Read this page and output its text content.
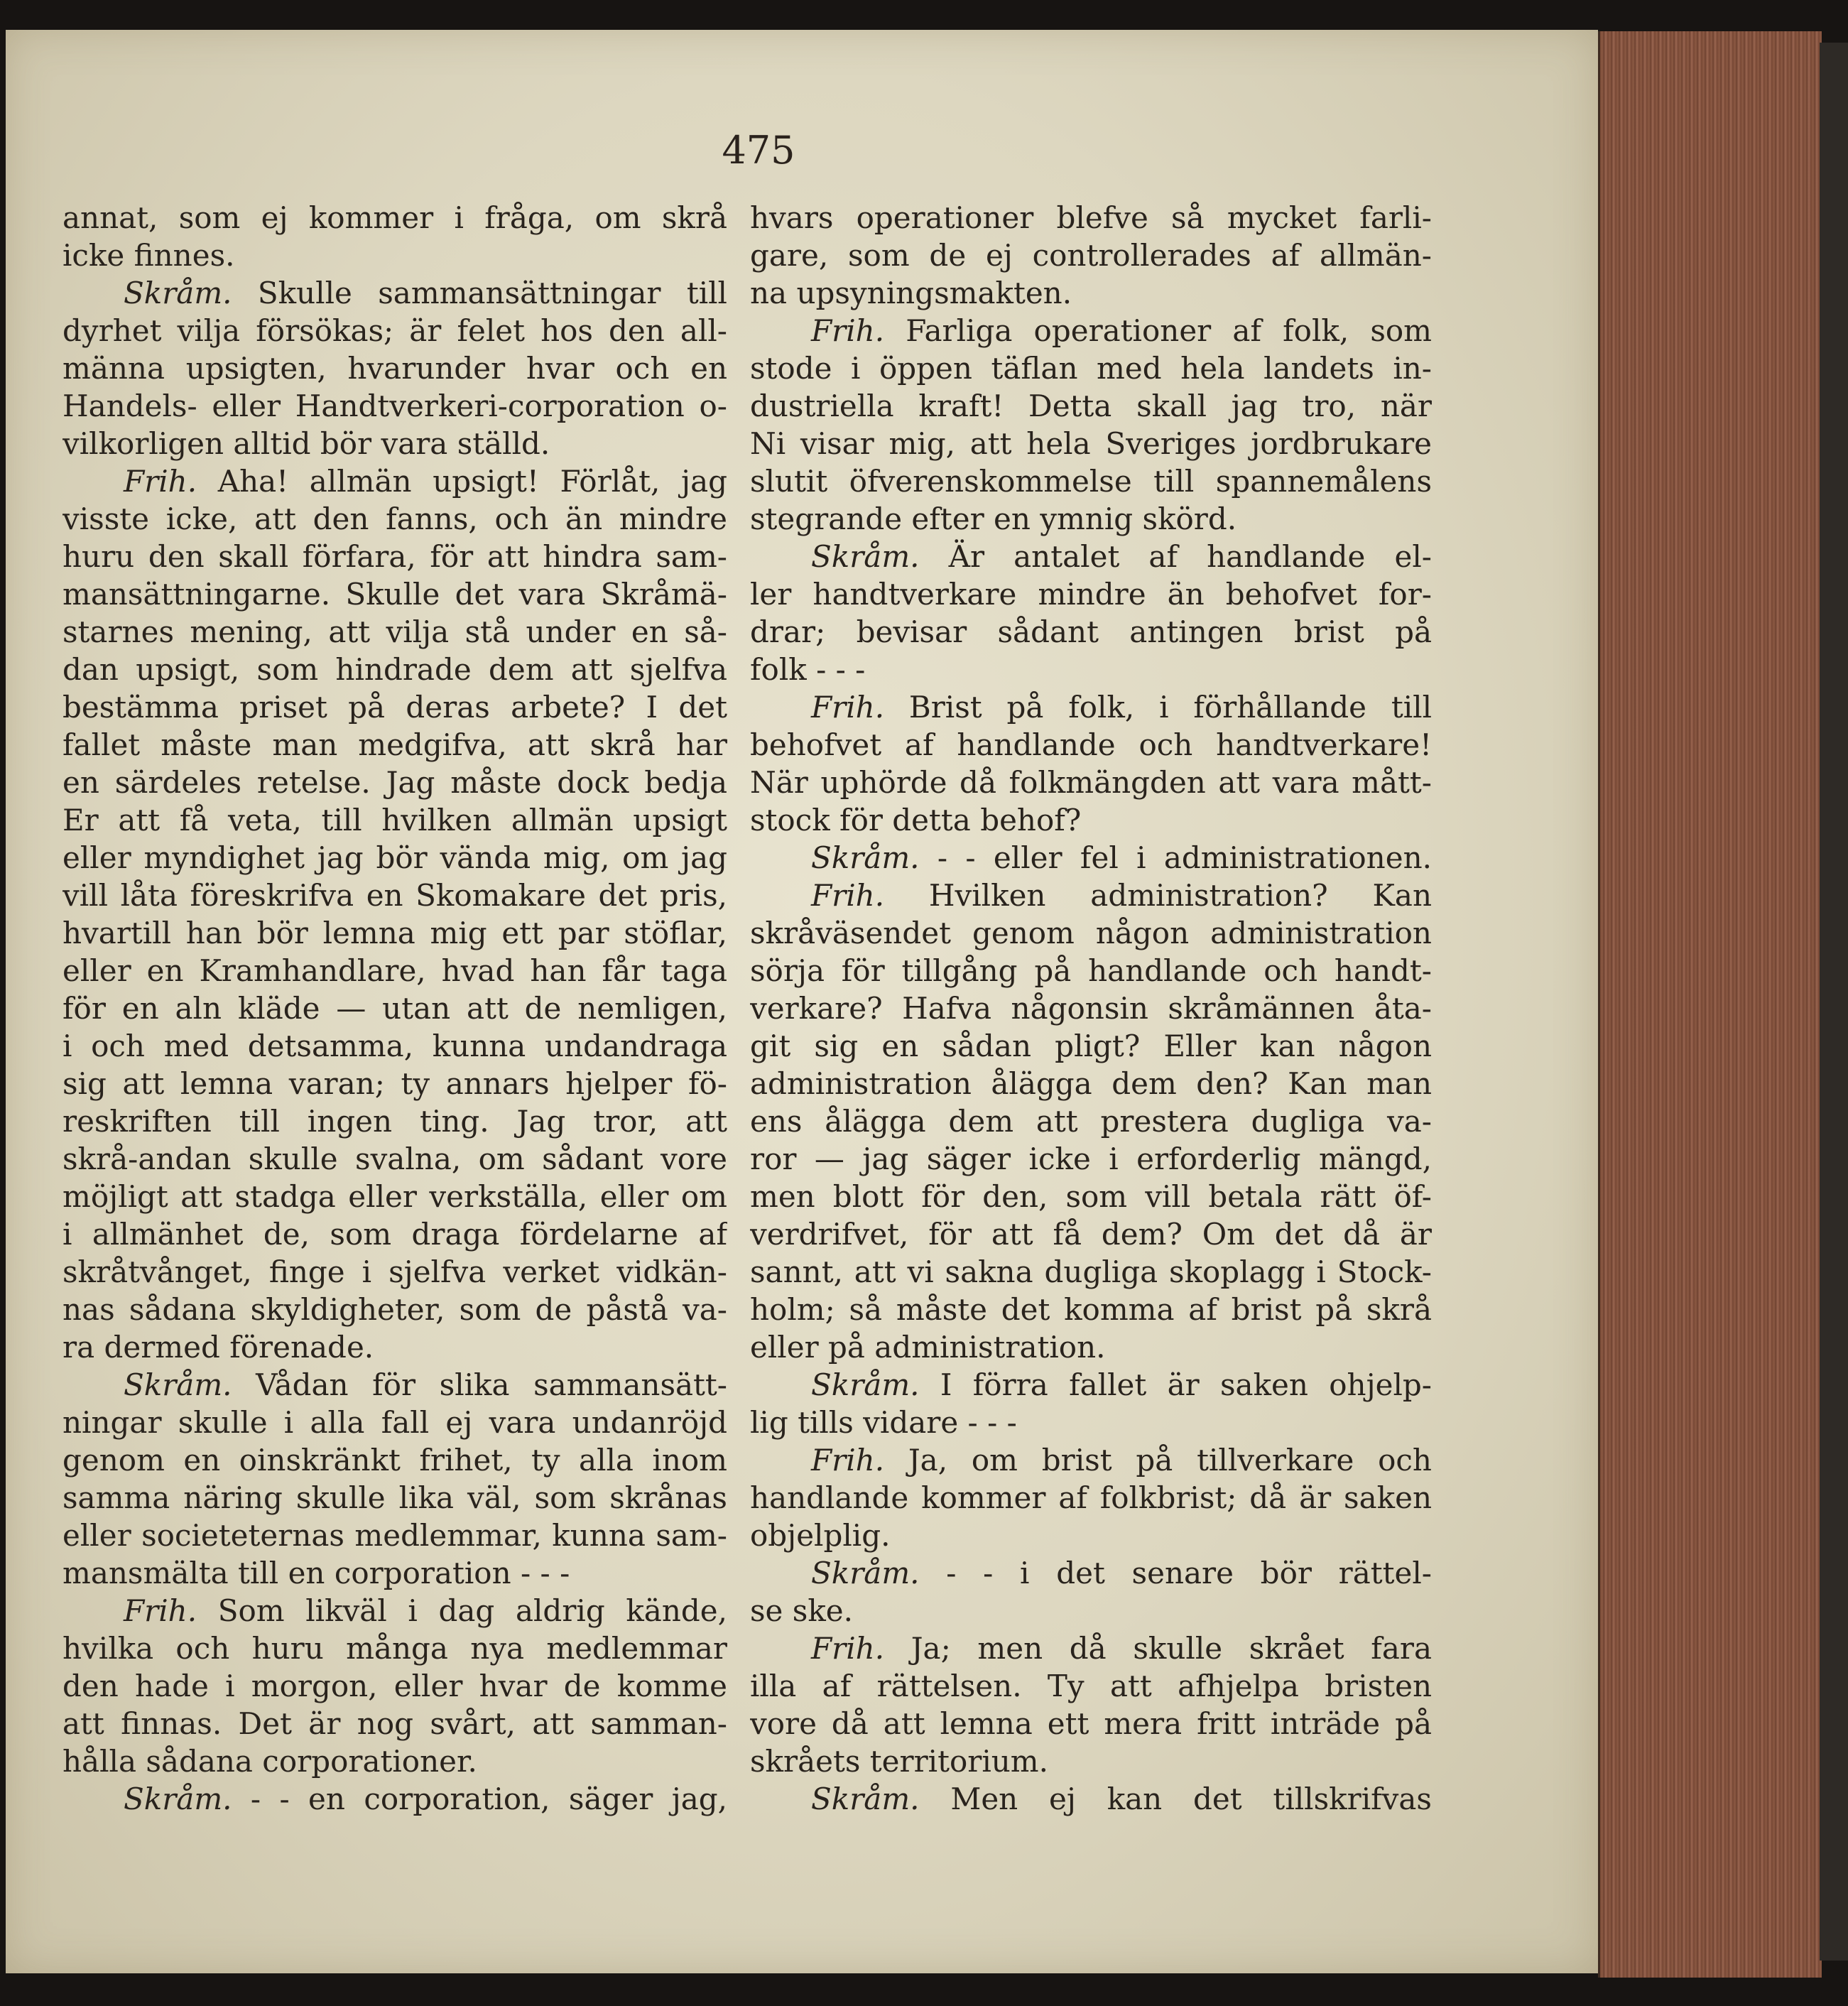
475
annat, som ej kommer i fråga, om skrå
icke finnes.
Skråm. Skulle sammansättningar till
dyrhet vilja försökas; är felet hos den all-
männa upsigten, hvarunder hvar och en
Handels- eller Handtverkeri-corporation o-
vilkorligen alltid bör vara ställd.
Frih. Aha! allmän upsigt! Förlåt, jag
visste icke, att den fanns, och än mindre
huru den skall förfara, för att hindra sam-
mansättningarne. Skulle det vara Skråmä-
starnes mening, att vilja stå under en så-
dan upsigt, som hindrade dem att sjelfva
bestämma priset på deras arbete? I det
fallet måste man medgifva, att skrå har
en särdeles retelse. Jag måste dock bedja
Er att få veta, till hvilken allmän upsigt
eller myndighet jag bör vända mig, om jag
vill låta föreskrifva en Skomakare det pris,
hvartill han bör lemna mig ett par stöflar,
eller en Kramhandlare, hvad han får taga
för en aln kläde — utan att de nemligen,
i och med detsamma, kunna undandraga
sig att lemna varan; ty annars hjelper fö-
reskriften till ingen ting. Jag tror, att
skrå-andan skulle svalna, om sådant vore
möjligt att stadga eller verkställa, eller om
i allmänhet de, som draga fördelarne af
skråtvånget, finge i sjelfva verket vidkän-
nas sådana skyldigheter, som de påstå va-
ra dermed förenade.
Skråm. Vådan för slika sammansätt-
ningar skulle i alla fall ej vara undanröjd
genom en oinskränkt frihet, ty alla inom
samma näring skulle lika väl, som skrånas
eller societeternas medlemmar, kunna sam-
mansmälta till en corporation - - -
Frih. Som likväl i dag aldrig kände,
hvilka och huru många nya medlemmar
den hade i morgon, eller hvar de komme
att finnas. Det är nog svårt, att samman-
hålla sådana corporationer.
Skråm. - - en corporation, säger jag,
hvars operationer blefve så mycket farli-
gare, som de ej controllerades af allmän-
na upsyningsmakten.
Frih. Farliga operationer af folk, som
stode i öppen täflan med hela landets in-
dustriella kraft! Detta skall jag tro, när
Ni visar mig, att hela Sveriges jordbrukare
slutit öfverenskommelse till spannemålens
stegrande efter en ymnig skörd.
Skråm. Är antalet af handlande el-
ler handtverkare mindre än behofvet for-
drar; bevisar sådant antingen brist på
folk - - -
Frih. Brist på folk, i förhållande till
behofvet af handlande och handtverkare!
När uphörde då folkmängden att vara mått-
stock för detta behof?
Skråm. - - eller fel i administrationen.
Frih. Hvilken administration? Kan
skråväsendet genom någon administration
sörja för tillgång på handlande och handt-
verkare? Hafva någonsin skråmännen åta-
git sig en sådan pligt? Eller kan någon
administration ålägga dem den? Kan man
ens ålägga dem att prestera dugliga va-
ror — jag säger icke i erforderlig mängd,
men blott för den, som vill betala rätt öf-
verdrifvet, för att få dem? Om det då är
sannt, att vi sakna dugliga skoplagg i Stock-
holm; så måste det komma af brist på skrå
eller på administration.
Skråm. I förra fallet är saken ohjelp-
lig tills vidare - - -
Frih. Ja, om brist på tillverkare och
handlande kommer af folkbrist; då är saken
objelplig.
Skråm. - - i det senare bör rättel-
se ske.
Frih. Ja; men då skulle skrået fara
illa af rättelsen. Ty att afhjelpa bristen
vore då att lemna ett mera fritt inträde på
skråets territorium.
Skråm. Men ej kan det tillskrifvas
